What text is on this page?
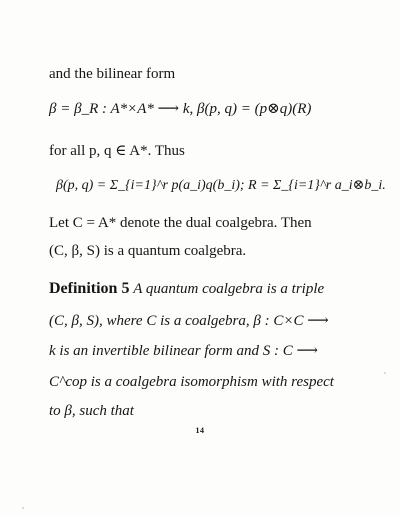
and the bilinear form
β = β_R : A*×A* ⟶ k, β(p, q) = (p⊗q)(R)
for all p, q ∈ A*. Thus
β(p, q) = Σ_{i=1}^r p(a_i)q(b_i); R = Σ_{i=1}^r a_i⊗b_i.
Let C = A* denote the dual coalgebra. Then
(C, β, S) is a quantum coalgebra.
Definition 5 A quantum coalgebra is a triple
(C, β, S), where C is a coalgebra, β : C×C ⟶
k is an invertible bilinear form and S : C ⟶
C^cop is a coalgebra isomorphism with respect
to β, such that
14
